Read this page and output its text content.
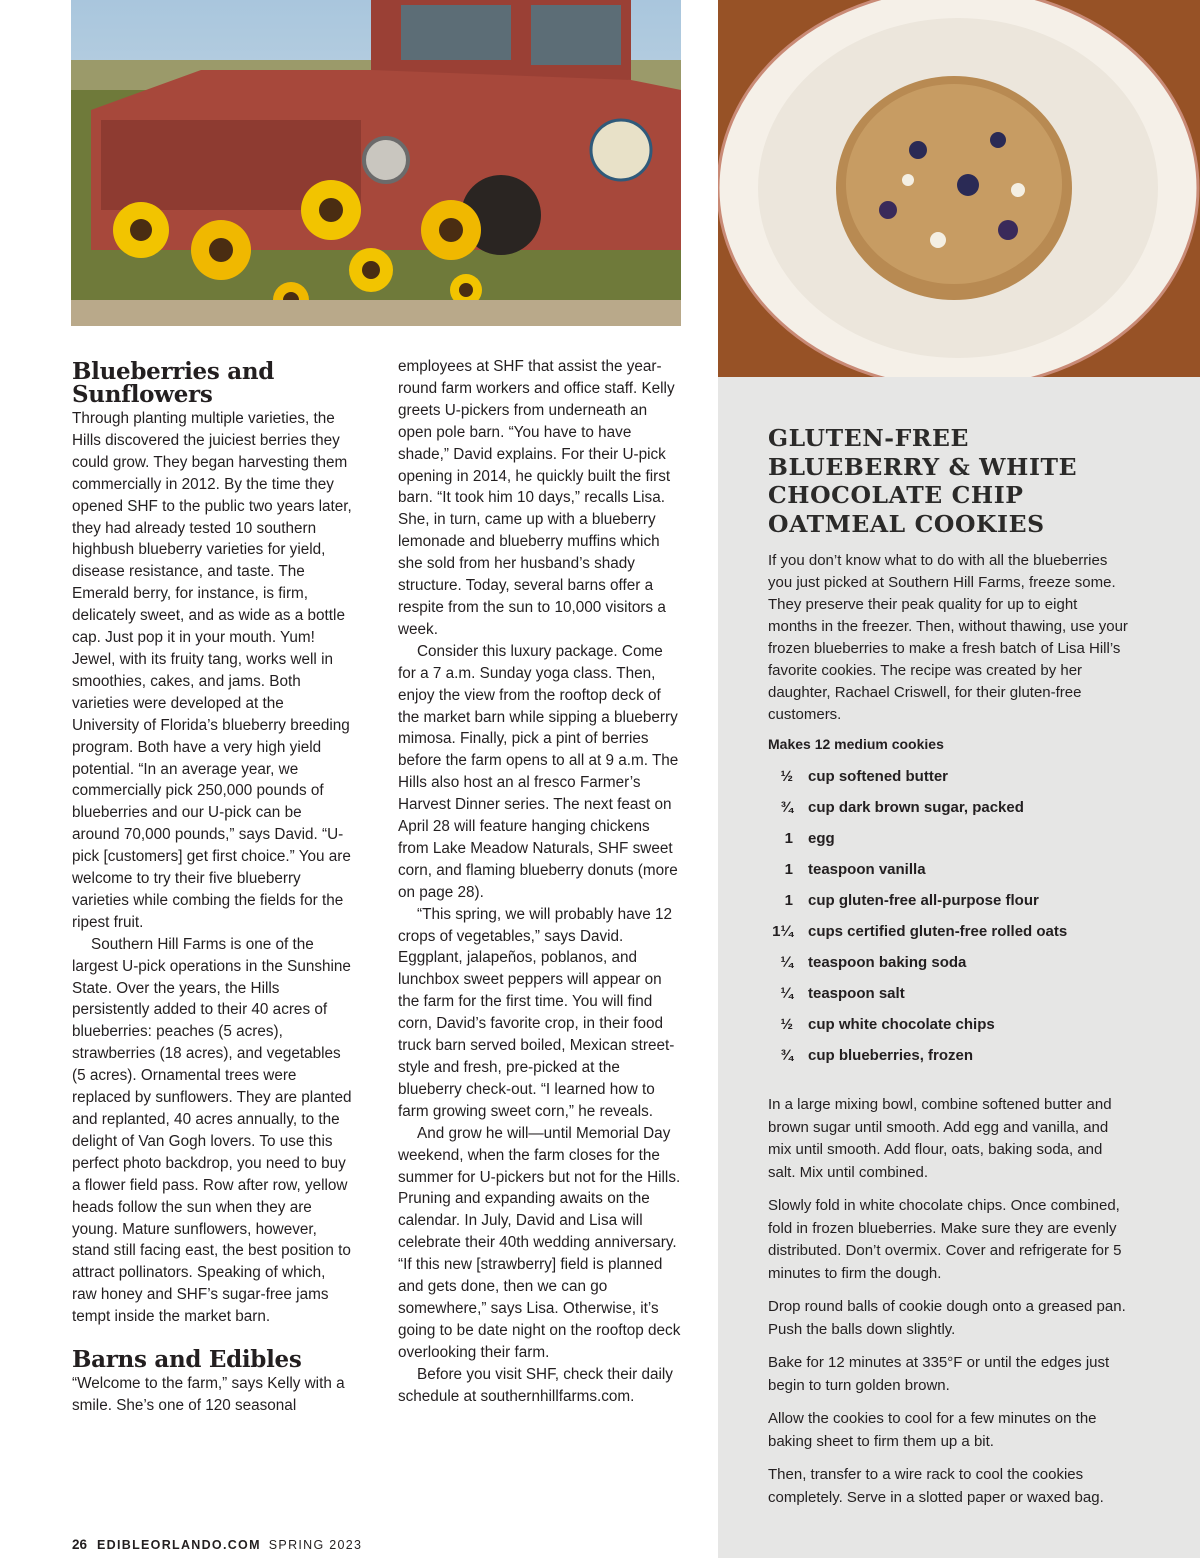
Blueberries and Sunflowers

Through planting multiple varieties, the Hills discovered the juiciest berries they could grow. They began harvesting them commercially in 2012. By the time they opened SHF to the public two years later, they had already tested 10 southern highbush blueberry varieties for yield, disease resistance, and taste. The Emerald berry, for instance, is firm, delicately sweet, and as wide as a bottle cap. Just pop it in your mouth. Yum! Jewel, with its fruity tang, works well in smoothies, cakes, and jams. Both varieties were developed at the University of Florida’s blueberry breeding program. Both have a very high yield potential. “In an average year, we commercially pick 250,000 pounds of blueberries and our U-pick can be around 70,000 pounds,” says David. “U-pick [customers] get first choice.” You are welcome to try their five blueberry varieties while combing the fields for the ripest fruit.

Southern Hill Farms is one of the largest U-pick operations in the Sunshine State. Over the years, the Hills persistently added to their 40 acres of blueberries: peaches (5 acres), strawberries (18 acres), and vegetables (5 acres). Ornamental trees were replaced by sunflowers. They are planted and replanted, 40 acres annually, to the delight of Van Gogh lovers. To use this perfect photo backdrop, you need to buy a flower field pass. Row after row, yellow heads follow the sun when they are young. Mature sunflowers, however, stand still facing east, the best position to attract pollinators. Speaking of which, raw honey and SHF’s sugar-free jams tempt inside the market barn.

Barns and Edibles

“Welcome to the farm,” says Kelly with a smile. She’s one of 120 seasonal

employees at SHF that assist the year-round farm workers and office staff. Kelly greets U-pickers from underneath an open pole barn. “You have to have shade,” David explains. For their U-pick opening in 2014, he quickly built the first barn. “It took him 10 days,” recalls Lisa. She, in turn, came up with a blueberry lemonade and blueberry muffins which she sold from her husband’s shady structure. Today, several barns offer a respite from the sun to 10,000 visitors a week.

Consider this luxury package. Come for a 7 a.m. Sunday yoga class. Then, enjoy the view from the rooftop deck of the market barn while sipping a blueberry mimosa. Finally, pick a pint of berries before the farm opens to all at 9 a.m. The Hills also host an al fresco Farmer’s Harvest Dinner series. The next feast on April 28 will feature hanging chickens from Lake Meadow Naturals, SHF sweet corn, and flaming blueberry donuts (more on page 28).

“This spring, we will probably have 12 crops of vegetables,” says David. Eggplant, jalapeños, poblanos, and lunchbox sweet peppers will appear on the farm for the first time. You will find corn, David’s favorite crop, in their food truck barn served boiled, Mexican street-style and fresh, pre-picked at the blueberry check-out. “I learned how to farm growing sweet corn,” he reveals.

And grow he will—until Memorial Day weekend, when the farm closes for the summer for U-pickers but not for the Hills. Pruning and expanding awaits on the calendar. In July, David and Lisa will celebrate their 40th wedding anniversary. “If this new [strawberry] field is planned and gets done, then we can go somewhere,” says Lisa. Otherwise, it’s going to be date night on the rooftop deck overlooking their farm.

Before you visit SHF, check their daily schedule at southernhillfarms.com.

GLUTEN-FREE BLUEBERRY & WHITE CHOCOLATE CHIP OATMEAL COOKIES

If you don’t know what to do with all the blueberries you just picked at Southern Hill Farms, freeze some. They preserve their peak quality for up to eight months in the freezer. Then, without thawing, use your frozen blueberries to make a fresh batch of Lisa Hill’s favorite cookies. The recipe was created by her daughter, Rachael Criswell, for their gluten-free customers.

Makes 12 medium cookies

½ cup softened butter
¾ cup dark brown sugar, packed
1 egg
1 teaspoon vanilla
1 cup gluten-free all-purpose flour
1¼ cups certified gluten-free rolled oats
¼ teaspoon baking soda
¼ teaspoon salt
½ cup white chocolate chips
¾ cup blueberries, frozen

In a large mixing bowl, combine softened butter and brown sugar until smooth. Add egg and vanilla, and mix until smooth. Add flour, oats, baking soda, and salt. Mix until combined.

Slowly fold in white chocolate chips. Once combined, fold in frozen blueberries. Make sure they are evenly distributed. Don’t overmix. Cover and refrigerate for 5 minutes to firm the dough.

Drop round balls of cookie dough onto a greased pan. Push the balls down slightly.

Bake for 12 minutes at 335°F or until the edges just begin to turn golden brown.

Allow the cookies to cool for a few minutes on the baking sheet to firm them up a bit.

Then, transfer to a wire rack to cool the cookies completely. Serve in a slotted paper or waxed bag.

26 EDIBLEORLANDO.COM SPRING 2023
